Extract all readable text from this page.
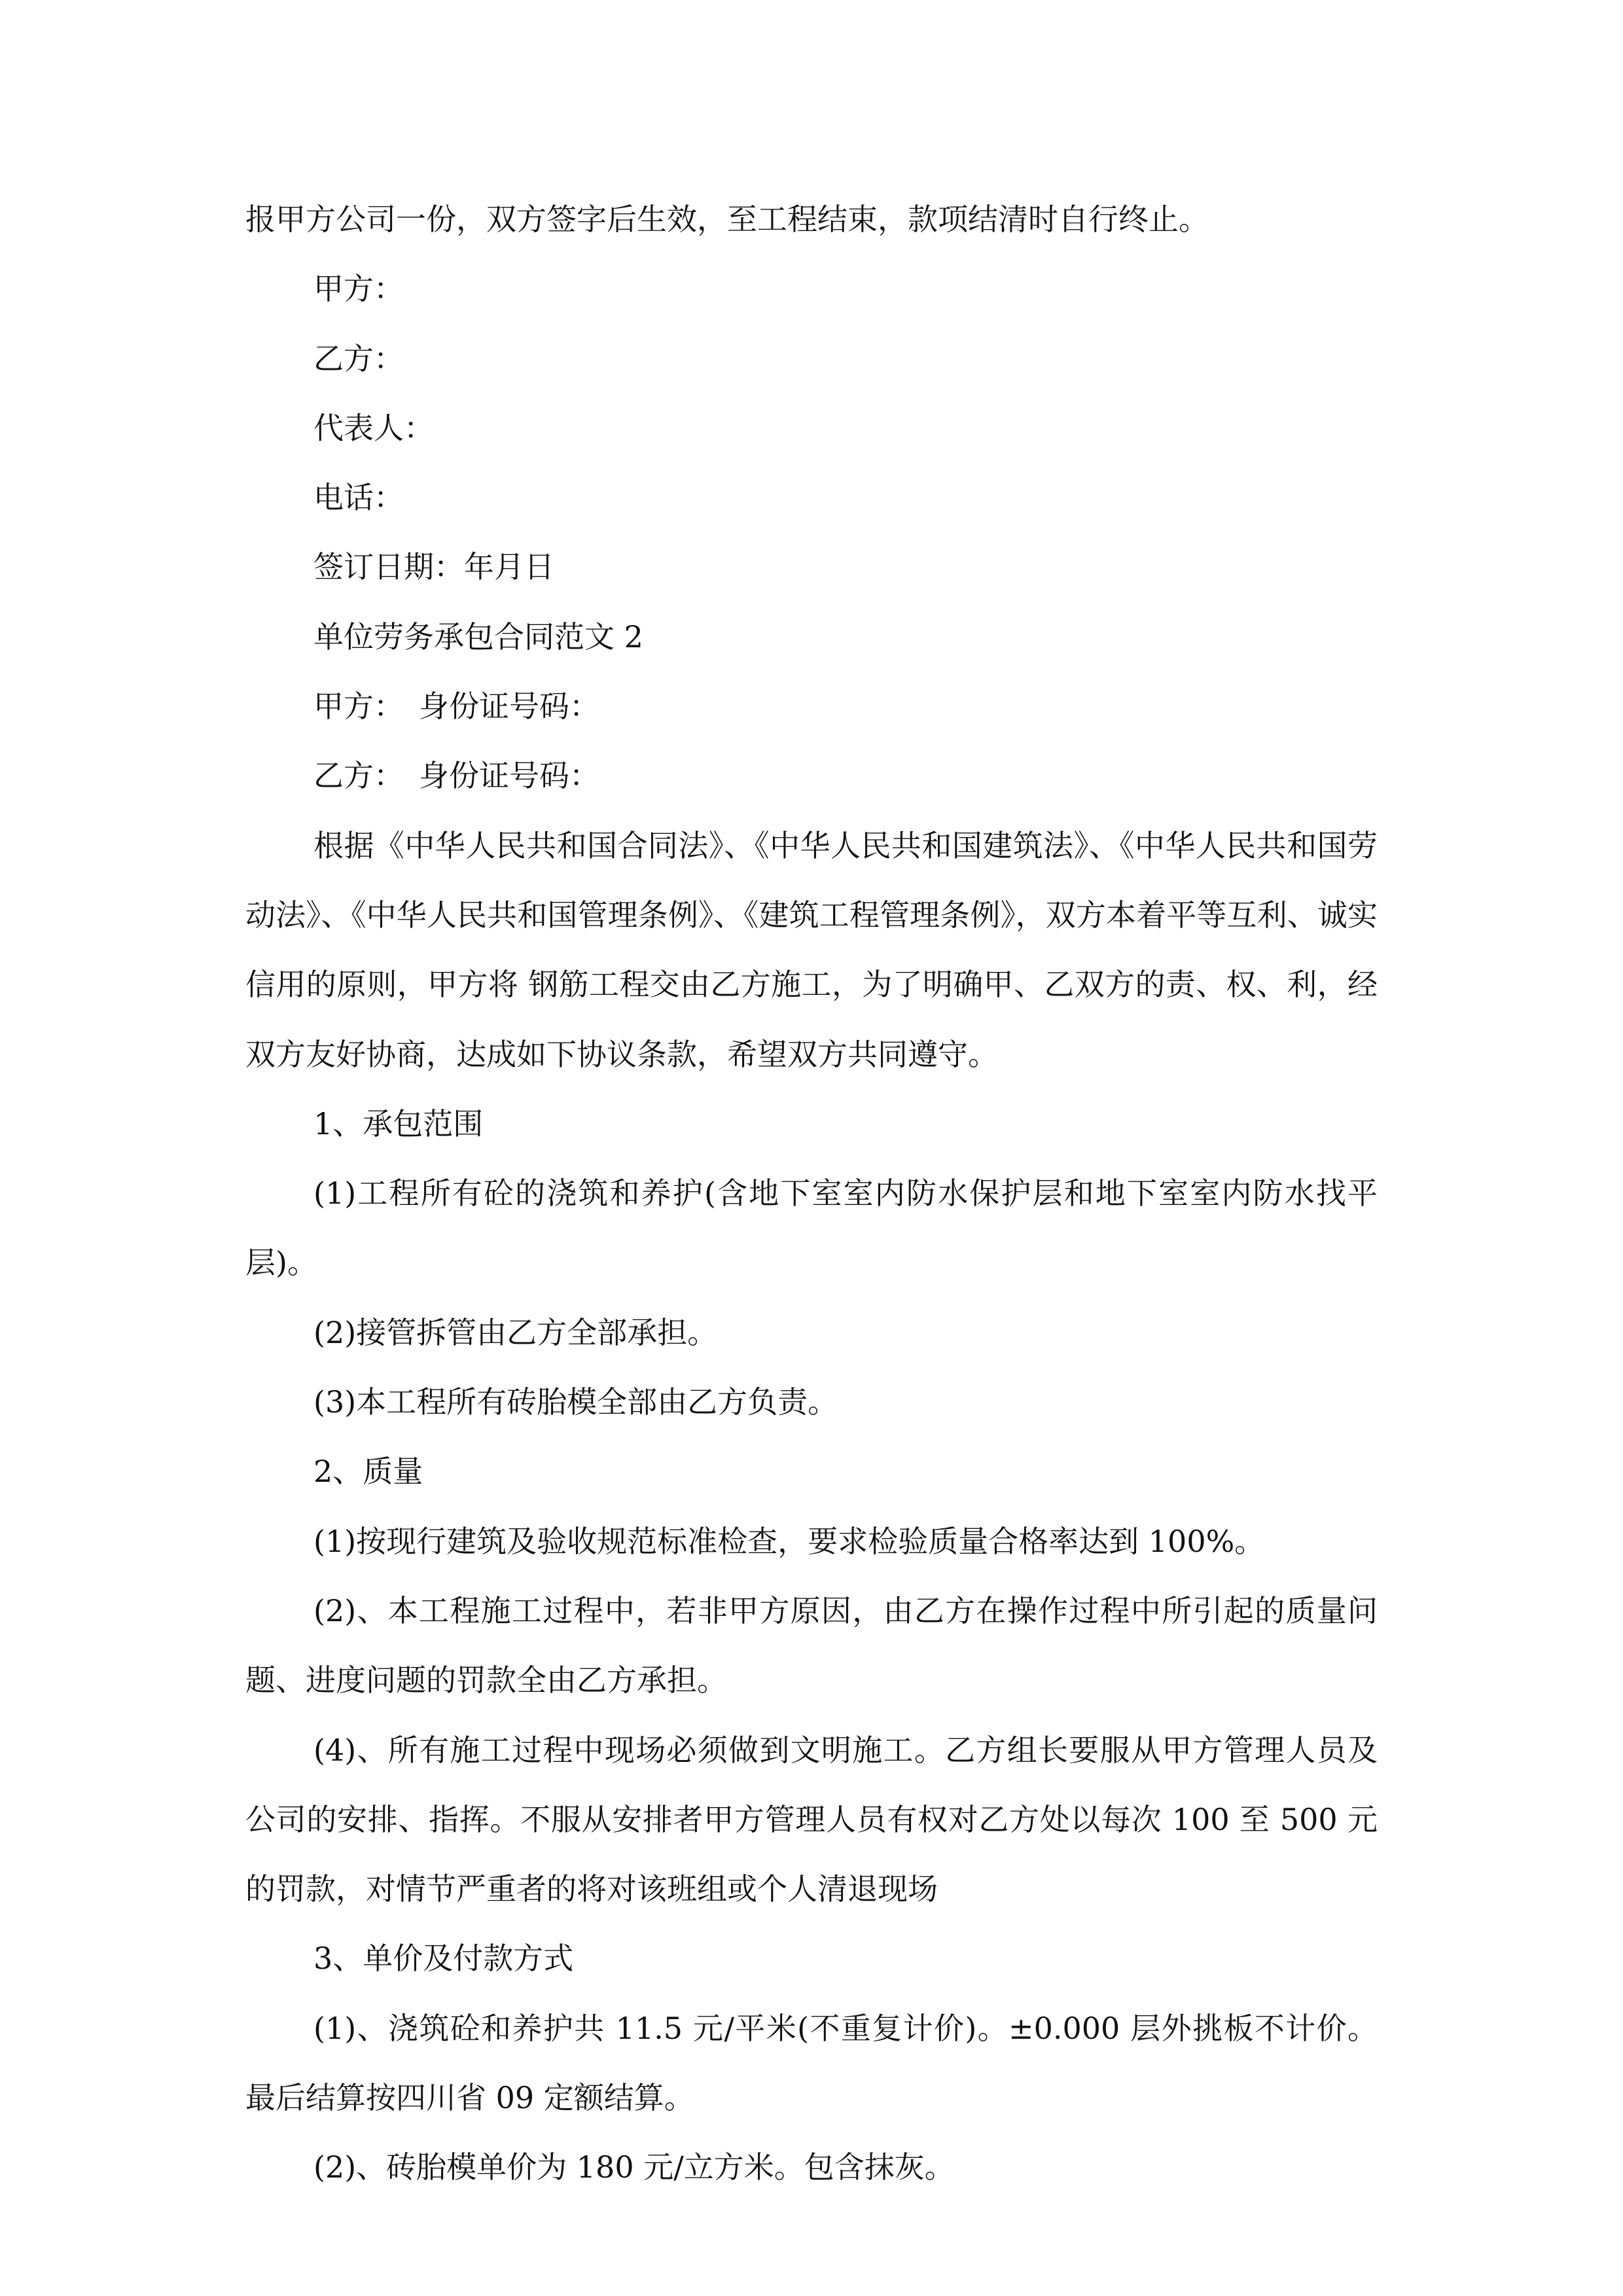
报甲方公司一份，双方签字后生效，至工程结束，款项结清时自行终止。

甲方：

乙方：

代表人：

电话：

签订日期：年月日

单位劳务承包合同范文 2

甲方：　身份证号码：

乙方：　身份证号码：

根据《中华人民共和国合同法》、《中华人民共和国建筑法》、《中华人民共和国劳动法》、《中华人民共和国管理条例》、《建筑工程管理条例》，双方本着平等互利、诚实信用的原则，甲方将 钢筋工程交由乙方施工，为了明确甲、乙双方的责、权、利，经双方友好协商，达成如下协议条款，希望双方共同遵守。

1、承包范围

(1)工程所有砼的浇筑和养护(含地下室室内防水保护层和地下室室内防水找平层)。

(2)接管拆管由乙方全部承担。

(3)本工程所有砖胎模全部由乙方负责。

2、质量

(1)按现行建筑及验收规范标准检查，要求检验质量合格率达到 100%。

(2)、本工程施工过程中，若非甲方原因，由乙方在操作过程中所引起的质量问题、进度问题的罚款全由乙方承担。

(4)、所有施工过程中现场必须做到文明施工。乙方组长要服从甲方管理人员及公司的安排、指挥。不服从安排者甲方管理人员有权对乙方处以每次 100 至 500 元的罚款，对情节严重者的将对该班组或个人清退现场

3、单价及付款方式

(1)、浇筑砼和养护共 11.5 元/平米(不重复计价)。±0.000 层外挑板不计价。最后结算按四川省 09 定额结算。

(2)、砖胎模单价为 180 元/立方米。包含抹灰。
